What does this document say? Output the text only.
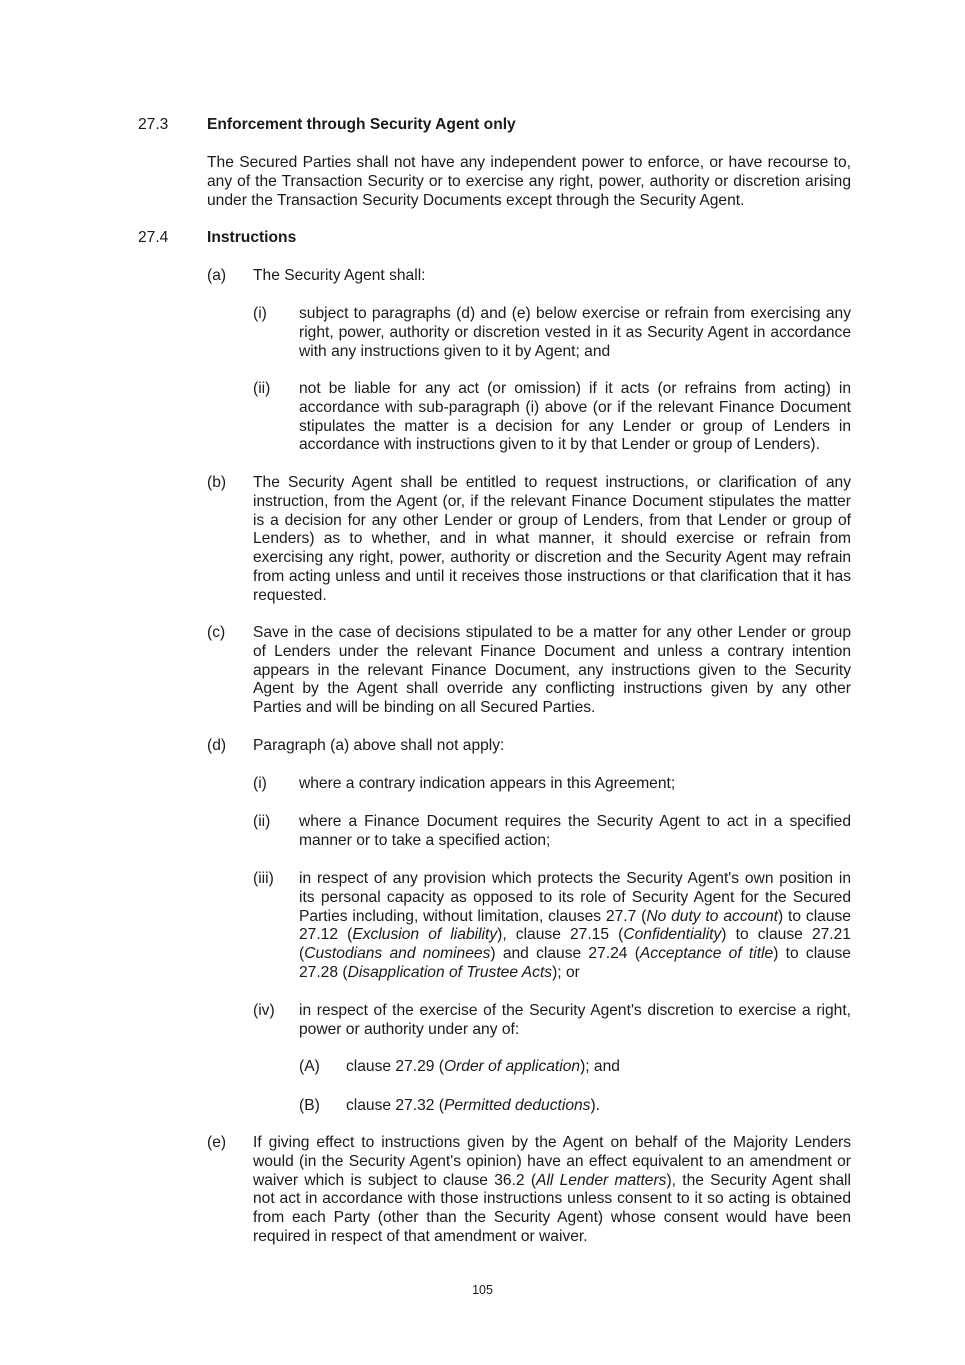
27.3 Enforcement through Security Agent only

The Secured Parties shall not have any independent power to enforce, or have recourse to, any of the Transaction Security or to exercise any right, power, authority or discretion arising under the Transaction Security Documents except through the Security Agent.

27.4 Instructions

(a) The Security Agent shall:

(i) subject to paragraphs (d) and (e) below exercise or refrain from exercising any right, power, authority or discretion vested in it as Security Agent in accordance with any instructions given to it by Agent; and

(ii) not be liable for any act (or omission) if it acts (or refrains from acting) in accordance with sub-paragraph (i) above (or if the relevant Finance Document stipulates the matter is a decision for any Lender or group of Lenders in accordance with instructions given to it by that Lender or group of Lenders).

(b) The Security Agent shall be entitled to request instructions, or clarification of any instruction, from the Agent (or, if the relevant Finance Document stipulates the matter is a decision for any other Lender or group of Lenders, from that Lender or group of Lenders) as to whether, and in what manner, it should exercise or refrain from exercising any right, power, authority or discretion and the Security Agent may refrain from acting unless and until it receives those instructions or that clarification that it has requested.

(c) Save in the case of decisions stipulated to be a matter for any other Lender or group of Lenders under the relevant Finance Document and unless a contrary intention appears in the relevant Finance Document, any instructions given to the Security Agent by the Agent shall override any conflicting instructions given by any other Parties and will be binding on all Secured Parties.

(d) Paragraph (a) above shall not apply:

(i) where a contrary indication appears in this Agreement;

(ii) where a Finance Document requires the Security Agent to act in a specified manner or to take a specified action;

(iii) in respect of any provision which protects the Security Agent's own position in its personal capacity as opposed to its role of Security Agent for the Secured Parties including, without limitation, clauses 27.7 (No duty to account) to clause 27.12 (Exclusion of liability), clause 27.15 (Confidentiality) to clause 27.21 (Custodians and nominees) and clause 27.24 (Acceptance of title) to clause 27.28 (Disapplication of Trustee Acts); or

(iv) in respect of the exercise of the Security Agent's discretion to exercise a right, power or authority under any of:

(A) clause 27.29 (Order of application); and

(B) clause 27.32 (Permitted deductions).

(e) If giving effect to instructions given by the Agent on behalf of the Majority Lenders would (in the Security Agent's opinion) have an effect equivalent to an amendment or waiver which is subject to clause 36.2 (All Lender matters), the Security Agent shall not act in accordance with those instructions unless consent to it so acting is obtained from each Party (other than the Security Agent) whose consent would have been required in respect of that amendment or waiver.

105
